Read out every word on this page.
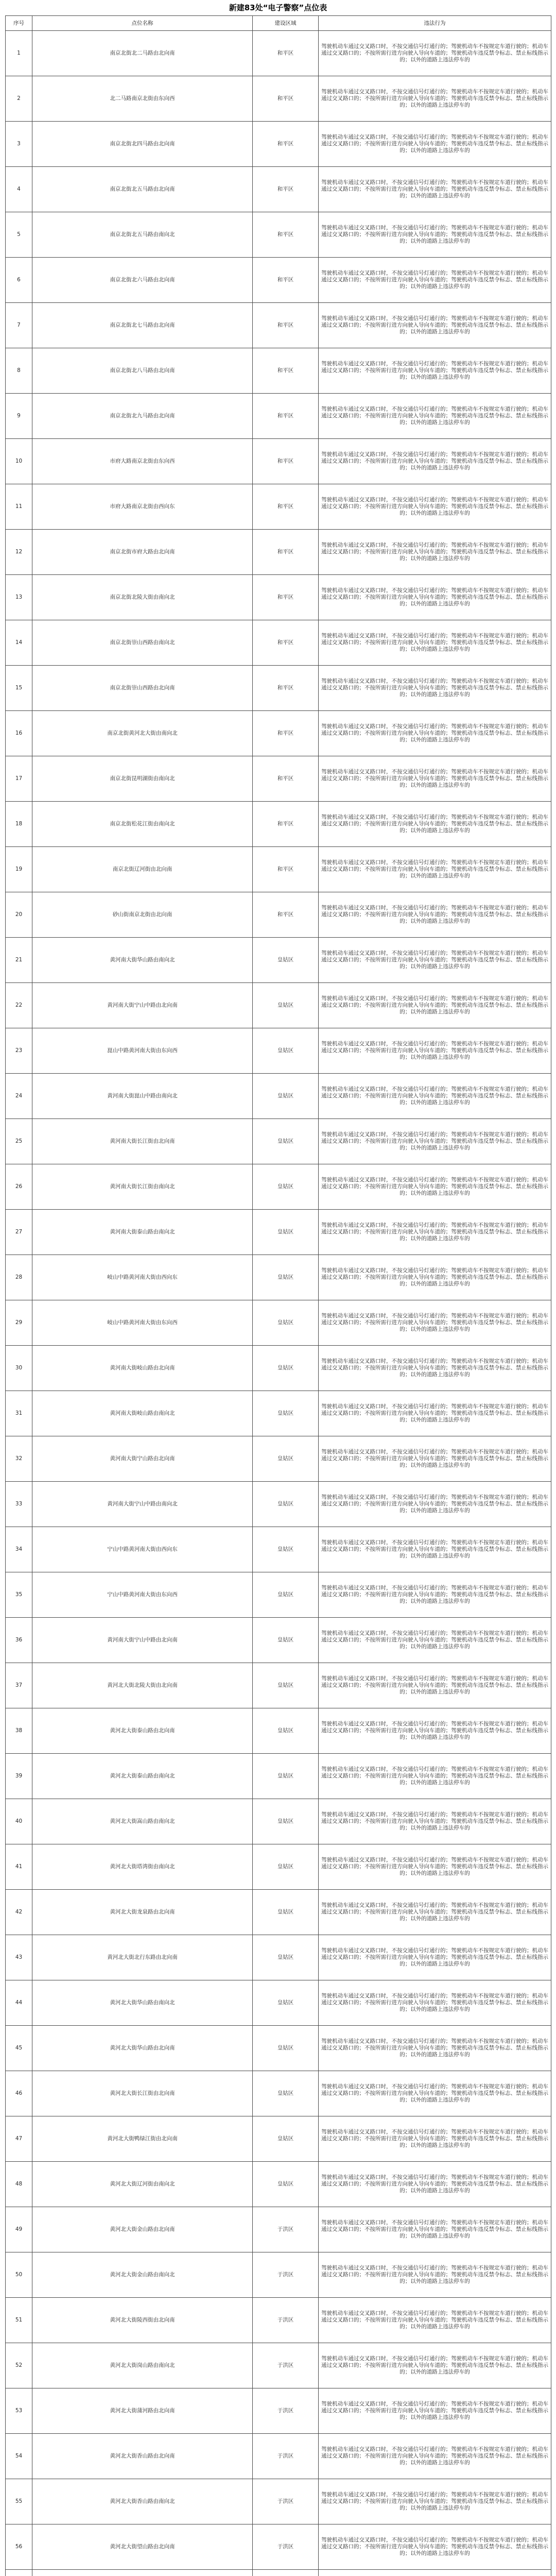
新建83处“电子警察”点位表
序号	点位名称	建设区域	违法行为
1	南京北街北二马路由北向南	和平区	驾驶机动车通过交叉路口时，不按交通信号灯通行的；驾驶机动车不按规定车道行驶的；机动车通过交叉路口的；不按所需行进方向驶入导向车道的；驾驶机动车违反禁令标志、禁止标线指示的；以外的道路上违法停车的
2	北二马路南京北街由东向西	和平区	驾驶机动车通过交叉路口时，不按交通信号灯通行的；驾驶机动车不按规定车道行驶的；机动车通过交叉路口的；不按所需行进方向驶入导向车道的；驾驶机动车违反禁令标志、禁止标线指示的；以外的道路上违法停车的
3	南京北街北四马路由北向南	和平区	驾驶机动车通过交叉路口时，不按交通信号灯通行的；驾驶机动车不按规定车道行驶的；机动车通过交叉路口的；不按所需行进方向驶入导向车道的；驾驶机动车违反禁令标志、禁止标线指示的；以外的道路上违法停车的
4	南京北街北五马路由北向南	和平区	驾驶机动车通过交叉路口时，不按交通信号灯通行的；驾驶机动车不按规定车道行驶的；机动车通过交叉路口的；不按所需行进方向驶入导向车道的；驾驶机动车违反禁令标志、禁止标线指示的；以外的道路上违法停车的
5	南京北街北五马路由南向北	和平区	驾驶机动车通过交叉路口时，不按交通信号灯通行的；驾驶机动车不按规定车道行驶的；机动车通过交叉路口的；不按所需行进方向驶入导向车道的；驾驶机动车违反禁令标志、禁止标线指示的；以外的道路上违法停车的
6	南京北街北六马路由北向南	和平区	驾驶机动车通过交叉路口时，不按交通信号灯通行的；驾驶机动车不按规定车道行驶的；机动车通过交叉路口的；不按所需行进方向驶入导向车道的；驾驶机动车违反禁令标志、禁止标线指示的；以外的道路上违法停车的
7	南京北街北七马路由北向南	和平区	驾驶机动车通过交叉路口时，不按交通信号灯通行的；驾驶机动车不按规定车道行驶的；机动车通过交叉路口的；不按所需行进方向驶入导向车道的；驾驶机动车违反禁令标志、禁止标线指示的；以外的道路上违法停车的
8	南京北街北八马路由北向南	和平区	驾驶机动车通过交叉路口时，不按交通信号灯通行的；驾驶机动车不按规定车道行驶的；机动车通过交叉路口的；不按所需行进方向驶入导向车道的；驾驶机动车违反禁令标志、禁止标线指示的；以外的道路上违法停车的
9	南京北街北九马路由北向南	和平区	驾驶机动车通过交叉路口时，不按交通信号灯通行的；驾驶机动车不按规定车道行驶的；机动车通过交叉路口的；不按所需行进方向驶入导向车道的；驾驶机动车违反禁令标志、禁止标线指示的；以外的道路上违法停车的
10	市府大路南京北街由东向西	和平区	驾驶机动车通过交叉路口时，不按交通信号灯通行的；驾驶机动车不按规定车道行驶的；机动车通过交叉路口的；不按所需行进方向驶入导向车道的；驾驶机动车违反禁令标志、禁止标线指示的；以外的道路上违法停车的
11	市府大路南京北街由西向东	和平区	驾驶机动车通过交叉路口时，不按交通信号灯通行的；驾驶机动车不按规定车道行驶的；机动车通过交叉路口的；不按所需行进方向驶入导向车道的；驾驶机动车违反禁令标志、禁止标线指示的；以外的道路上违法停车的
12	南京北街市府大路由北向南	和平区	驾驶机动车通过交叉路口时，不按交通信号灯通行的；驾驶机动车不按规定车道行驶的；机动车通过交叉路口的；不按所需行进方向驶入导向车道的；驾驶机动车违反禁令标志、禁止标线指示的；以外的道路上违法停车的
13	南京北街北陵大街由南向北	和平区	驾驶机动车通过交叉路口时，不按交通信号灯通行的；驾驶机动车不按规定车道行驶的；机动车通过交叉路口的；不按所需行进方向驶入导向车道的；驾驶机动车违反禁令标志、禁止标线指示的；以外的道路上违法停车的
14	南京北街崇山西路由南向北	和平区	驾驶机动车通过交叉路口时，不按交通信号灯通行的；驾驶机动车不按规定车道行驶的；机动车通过交叉路口的；不按所需行进方向驶入导向车道的；驾驶机动车违反禁令标志、禁止标线指示的；以外的道路上违法停车的
15	南京北街崇山西路由北向南	和平区	驾驶机动车通过交叉路口时，不按交通信号灯通行的；驾驶机动车不按规定车道行驶的；机动车通过交叉路口的；不按所需行进方向驶入导向车道的；驾驶机动车违反禁令标志、禁止标线指示的；以外的道路上违法停车的
16	南京北街黄河北大街由南向北	和平区	驾驶机动车通过交叉路口时，不按交通信号灯通行的；驾驶机动车不按规定车道行驶的；机动车通过交叉路口的；不按所需行进方向驶入导向车道的；驾驶机动车违反禁令标志、禁止标线指示的；以外的道路上违法停车的
17	南京北街昆明湖街由南向北	和平区	驾驶机动车通过交叉路口时，不按交通信号灯通行的；驾驶机动车不按规定车道行驶的；机动车通过交叉路口的；不按所需行进方向驶入导向车道的；驾驶机动车违反禁令标志、禁止标线指示的；以外的道路上违法停车的
18	南京北街松花江街由南向北	和平区	驾驶机动车通过交叉路口时，不按交通信号灯通行的；驾驶机动车不按规定车道行驶的；机动车通过交叉路口的；不按所需行进方向驶入导向车道的；驾驶机动车违反禁令标志、禁止标线指示的；以外的道路上违法停车的
19	南京北街辽河街由北向南	和平区	驾驶机动车通过交叉路口时，不按交通信号灯通行的；驾驶机动车不按规定车道行驶的；机动车通过交叉路口的；不按所需行进方向驶入导向车道的；驾驶机动车违反禁令标志、禁止标线指示的；以外的道路上违法停车的
20	砂山街南京北街由北向南	和平区	驾驶机动车通过交叉路口时，不按交通信号灯通行的；驾驶机动车不按规定车道行驶的；机动车通过交叉路口的；不按所需行进方向驶入导向车道的；驾驶机动车违反禁令标志、禁止标线指示的；以外的道路上违法停车的
21	黄河南大街华山路由南向北	皇姑区	驾驶机动车通过交叉路口时，不按交通信号灯通行的；驾驶机动车不按规定车道行驶的；机动车通过交叉路口的；不按所需行进方向驶入导向车道的；驾驶机动车违反禁令标志、禁止标线指示的；以外的道路上违法停车的
22	黄河南大街宁山中路由北向南	皇姑区	驾驶机动车通过交叉路口时，不按交通信号灯通行的；驾驶机动车不按规定车道行驶的；机动车通过交叉路口的；不按所需行进方向驶入导向车道的；驾驶机动车违反禁令标志、禁止标线指示的；以外的道路上违法停车的
23	崑山中路黄河南大街由东向西	皇姑区	驾驶机动车通过交叉路口时，不按交通信号灯通行的；驾驶机动车不按规定车道行驶的；机动车通过交叉路口的；不按所需行进方向驶入导向车道的；驾驶机动车违反禁令标志、禁止标线指示的；以外的道路上违法停车的
24	黄河南大街崑山中路由南向北	皇姑区	驾驶机动车通过交叉路口时，不按交通信号灯通行的；驾驶机动车不按规定车道行驶的；机动车通过交叉路口的；不按所需行进方向驶入导向车道的；驾驶机动车违反禁令标志、禁止标线指示的；以外的道路上违法停车的
25	黄河南大街长江街由北向南	皇姑区	驾驶机动车通过交叉路口时，不按交通信号灯通行的；驾驶机动车不按规定车道行驶的；机动车通过交叉路口的；不按所需行进方向驶入导向车道的；驾驶机动车违反禁令标志、禁止标线指示的；以外的道路上违法停车的
26	黄河南大街长江街由南向北	皇姑区	驾驶机动车通过交叉路口时，不按交通信号灯通行的；驾驶机动车不按规定车道行驶的；机动车通过交叉路口的；不按所需行进方向驶入导向车道的；驾驶机动车违反禁令标志、禁止标线指示的；以外的道路上违法停车的
27	黄河南大街泰山路由南向北	皇姑区	驾驶机动车通过交叉路口时，不按交通信号灯通行的；驾驶机动车不按规定车道行驶的；机动车通过交叉路口的；不按所需行进方向驶入导向车道的；驾驶机动车违反禁令标志、禁止标线指示的；以外的道路上违法停车的
28	岐山中路黄河南大街由西向东	皇姑区	驾驶机动车通过交叉路口时，不按交通信号灯通行的；驾驶机动车不按规定车道行驶的；机动车通过交叉路口的；不按所需行进方向驶入导向车道的；驾驶机动车违反禁令标志、禁止标线指示的；以外的道路上违法停车的
29	岐山中路黄河南大街由东向西	皇姑区	驾驶机动车通过交叉路口时，不按交通信号灯通行的；驾驶机动车不按规定车道行驶的；机动车通过交叉路口的；不按所需行进方向驶入导向车道的；驾驶机动车违反禁令标志、禁止标线指示的；以外的道路上违法停车的
30	黄河南大街岐山路由北向南	皇姑区	驾驶机动车通过交叉路口时，不按交通信号灯通行的；驾驶机动车不按规定车道行驶的；机动车通过交叉路口的；不按所需行进方向驶入导向车道的；驾驶机动车违反禁令标志、禁止标线指示的；以外的道路上违法停车的
31	黄河南大街岐山路由南向北	皇姑区	驾驶机动车通过交叉路口时，不按交通信号灯通行的；驾驶机动车不按规定车道行驶的；机动车通过交叉路口的；不按所需行进方向驶入导向车道的；驾驶机动车违反禁令标志、禁止标线指示的；以外的道路上违法停车的
32	黄河南大街宁山路由北向南	皇姑区	驾驶机动车通过交叉路口时，不按交通信号灯通行的；驾驶机动车不按规定车道行驶的；机动车通过交叉路口的；不按所需行进方向驶入导向车道的；驾驶机动车违反禁令标志、禁止标线指示的；以外的道路上违法停车的
33	黄河南大街宁山中路由南向北	皇姑区	驾驶机动车通过交叉路口时，不按交通信号灯通行的；驾驶机动车不按规定车道行驶的；机动车通过交叉路口的；不按所需行进方向驶入导向车道的；驾驶机动车违反禁令标志、禁止标线指示的；以外的道路上违法停车的
34	宁山中路黄河南大街由西向东	皇姑区	驾驶机动车通过交叉路口时，不按交通信号灯通行的；驾驶机动车不按规定车道行驶的；机动车通过交叉路口的；不按所需行进方向驶入导向车道的；驾驶机动车违反禁令标志、禁止标线指示的；以外的道路上违法停车的
35	宁山中路黄河南大街由东向西	皇姑区	驾驶机动车通过交叉路口时，不按交通信号灯通行的；驾驶机动车不按规定车道行驶的；机动车通过交叉路口的；不按所需行进方向驶入导向车道的；驾驶机动车违反禁令标志、禁止标线指示的；以外的道路上违法停车的
36	黄河南大街宁山中路由北向南	皇姑区	驾驶机动车通过交叉路口时，不按交通信号灯通行的；驾驶机动车不按规定车道行驶的；机动车通过交叉路口的；不按所需行进方向驶入导向车道的；驾驶机动车违反禁令标志、禁止标线指示的；以外的道路上违法停车的
37	黄河北大街北陵大街由北向南	皇姑区	驾驶机动车通过交叉路口时，不按交通信号灯通行的；驾驶机动车不按规定车道行驶的；机动车通过交叉路口的；不按所需行进方向驶入导向车道的；驾驶机动车违反禁令标志、禁止标线指示的；以外的道路上违法停车的
38	黄河北大街泰山路由北向南	皇姑区	驾驶机动车通过交叉路口时，不按交通信号灯通行的；驾驶机动车不按规定车道行驶的；机动车通过交叉路口的；不按所需行进方向驶入导向车道的；驾驶机动车违反禁令标志、禁止标线指示的；以外的道路上违法停车的
39	黄河北大街泰山路由南向北	皇姑区	驾驶机动车通过交叉路口时，不按交通信号灯通行的；驾驶机动车不按规定车道行驶的；机动车通过交叉路口的；不按所需行进方向驶入导向车道的；驾驶机动车违反禁令标志、禁止标线指示的；以外的道路上违法停车的
40	黄河北大街嵩山路由南向北	皇姑区	驾驶机动车通过交叉路口时，不按交通信号灯通行的；驾驶机动车不按规定车道行驶的；机动车通过交叉路口的；不按所需行进方向驶入导向车道的；驾驶机动车违反禁令标志、禁止标线指示的；以外的道路上违法停车的
41	黄河北大街塔湾街由南向北	皇姑区	驾驶机动车通过交叉路口时，不按交通信号灯通行的；驾驶机动车不按规定车道行驶的；机动车通过交叉路口的；不按所需行进方向驶入导向车道的；驾驶机动车违反禁令标志、禁止标线指示的；以外的道路上违法停车的
42	黄河北大街龙泉路由北向南	皇姑区	驾驶机动车通过交叉路口时，不按交通信号灯通行的；驾驶机动车不按规定车道行驶的；机动车通过交叉路口的；不按所需行进方向驶入导向车道的；驾驶机动车违反禁令标志、禁止标线指示的；以外的道路上违法停车的
43	黄河北大街北行东路由北向南	皇姑区	驾驶机动车通过交叉路口时，不按交通信号灯通行的；驾驶机动车不按规定车道行驶的；机动车通过交叉路口的；不按所需行进方向驶入导向车道的；驾驶机动车违反禁令标志、禁止标线指示的；以外的道路上违法停车的
44	黄河北大街华山路由南向北	皇姑区	驾驶机动车通过交叉路口时，不按交通信号灯通行的；驾驶机动车不按规定车道行驶的；机动车通过交叉路口的；不按所需行进方向驶入导向车道的；驾驶机动车违反禁令标志、禁止标线指示的；以外的道路上违法停车的
45	黄河北大街华山路由北向南	皇姑区	驾驶机动车通过交叉路口时，不按交通信号灯通行的；驾驶机动车不按规定车道行驶的；机动车通过交叉路口的；不按所需行进方向驶入导向车道的；驾驶机动车违反禁令标志、禁止标线指示的；以外的道路上违法停车的
46	黄河北大街长江街由北向南	皇姑区	驾驶机动车通过交叉路口时，不按交通信号灯通行的；驾驶机动车不按规定车道行驶的；机动车通过交叉路口的；不按所需行进方向驶入导向车道的；驾驶机动车违反禁令标志、禁止标线指示的；以外的道路上违法停车的
47	黄河北大街鸭绿江街由北向南	皇姑区	驾驶机动车通过交叉路口时，不按交通信号灯通行的；驾驶机动车不按规定车道行驶的；机动车通过交叉路口的；不按所需行进方向驶入导向车道的；驾驶机动车违反禁令标志、禁止标线指示的；以外的道路上违法停车的
48	黄河北大街辽河街由南向北	皇姑区	驾驶机动车通过交叉路口时，不按交通信号灯通行的；驾驶机动车不按规定车道行驶的；机动车通过交叉路口的；不按所需行进方向驶入导向车道的；驾驶机动车违反禁令标志、禁止标线指示的；以外的道路上违法停车的
49	黄河北大街金山路由北向南	于洪区	驾驶机动车通过交叉路口时，不按交通信号灯通行的；驾驶机动车不按规定车道行驶的；机动车通过交叉路口的；不按所需行进方向驶入导向车道的；驾驶机动车违反禁令标志、禁止标线指示的；以外的道路上违法停车的
50	黄河北大街金山路由南向北	于洪区	驾驶机动车通过交叉路口时，不按交通信号灯通行的；驾驶机动车不按规定车道行驶的；机动车通过交叉路口的；不按所需行进方向驶入导向车道的；驾驶机动车违反禁令标志、禁止标线指示的；以外的道路上违法停车的
51	黄河北大街陵西街由北向南	于洪区	驾驶机动车通过交叉路口时，不按交通信号灯通行的；驾驶机动车不按规定车道行驶的；机动车通过交叉路口的；不按所需行进方向驶入导向车道的；驾驶机动车违反禁令标志、禁止标线指示的；以外的道路上违法停车的
52	黄河北大街岗山路由南向北	于洪区	驾驶机动车通过交叉路口时，不按交通信号灯通行的；驾驶机动车不按规定车道行驶的；机动车通过交叉路口的；不按所需行进方向驶入导向车道的；驾驶机动车违反禁令标志、禁止标线指示的；以外的道路上违法停车的
53	黄河北大街蒲河路由北向南	于洪区	驾驶机动车通过交叉路口时，不按交通信号灯通行的；驾驶机动车不按规定车道行驶的；机动车通过交叉路口的；不按所需行进方向驶入导向车道的；驾驶机动车违反禁令标志、禁止标线指示的；以外的道路上违法停车的
54	黄河北大街香山路由北向南	于洪区	驾驶机动车通过交叉路口时，不按交通信号灯通行的；驾驶机动车不按规定车道行驶的；机动车通过交叉路口的；不按所需行进方向驶入导向车道的；驾驶机动车违反禁令标志、禁止标线指示的；以外的道路上违法停车的
55	黄河北大街香山路由南向北	于洪区	驾驶机动车通过交叉路口时，不按交通信号灯通行的；驾驶机动车不按规定车道行驶的；机动车通过交叉路口的；不按所需行进方向驶入导向车道的；驾驶机动车违反禁令标志、禁止标线指示的；以外的道路上违法停车的
56	黄河北大街望山路由北向南	于洪区	驾驶机动车通过交叉路口时，不按交通信号灯通行的；驾驶机动车不按规定车道行驶的；机动车通过交叉路口的；不按所需行进方向驶入导向车道的；驾驶机动车违反禁令标志、禁止标线指示的；以外的道路上违法停车的
